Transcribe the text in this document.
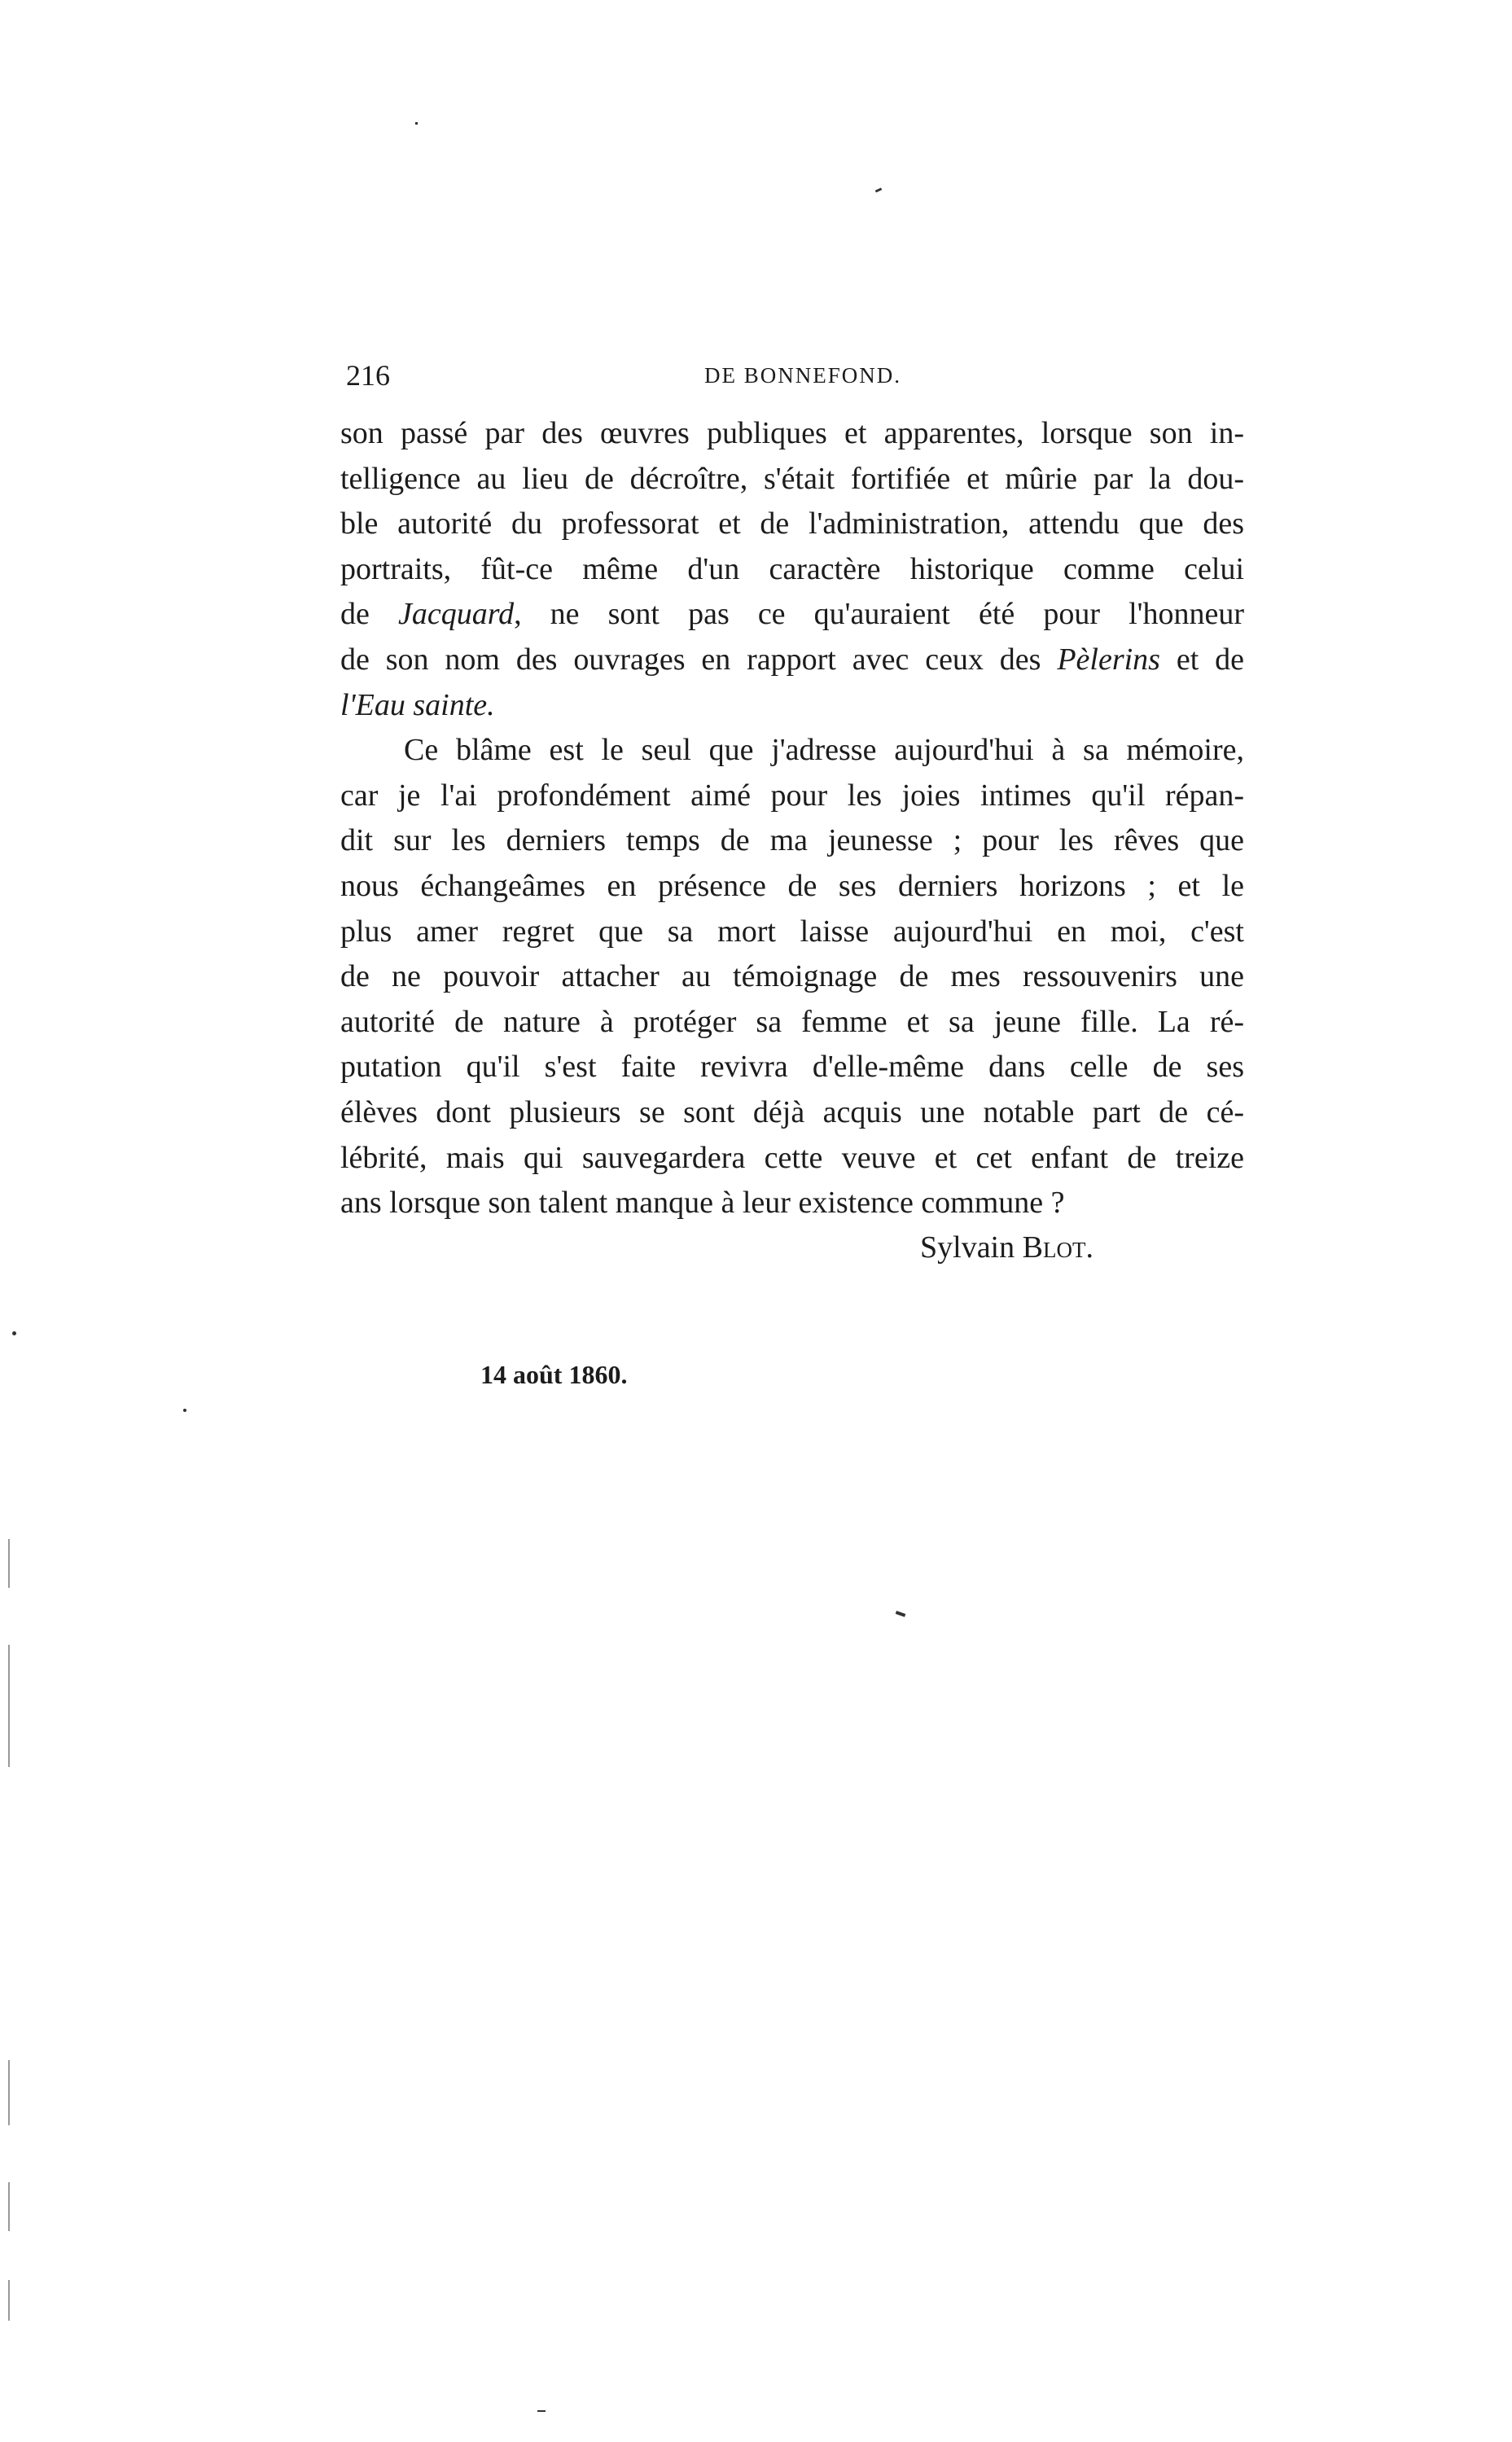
216	DE BONNEFOND.
son passé par des œuvres publiques et apparentes, lorsque son in-
telligence au lieu de décroître, s'était fortifiée et mûrie par la dou-
ble autorité du professorat et de l'administration, attendu que des
portraits, fût-ce même d'un caractère historique comme celui
de Jacquard, ne sont pas ce qu'auraient été pour l'honneur
de son nom des ouvrages en rapport avec ceux des Pèlerins et de
l'Eau sainte.
Ce blâme est le seul que j'adresse aujourd'hui à sa mémoire,
car je l'ai profondément aimé pour les joies intimes qu'il répan-
dit sur les derniers temps de ma jeunesse ; pour les rêves que
nous échangeâmes en présence de ses derniers horizons ; et le
plus amer regret que sa mort laisse aujourd'hui en moi, c'est
de ne pouvoir attacher au témoignage de mes ressouvenirs une
autorité de nature à protéger sa femme et sa jeune fille. La ré-
putation qu'il s'est faite revivra d'elle-même dans celle de ses
élèves dont plusieurs se sont déjà acquis une notable part de cé-
lébrité, mais qui sauvegardera cette veuve et cet enfant de treize
ans lorsque son talent manque à leur existence commune ?
Sylvain Blot.
14 août 1860.
